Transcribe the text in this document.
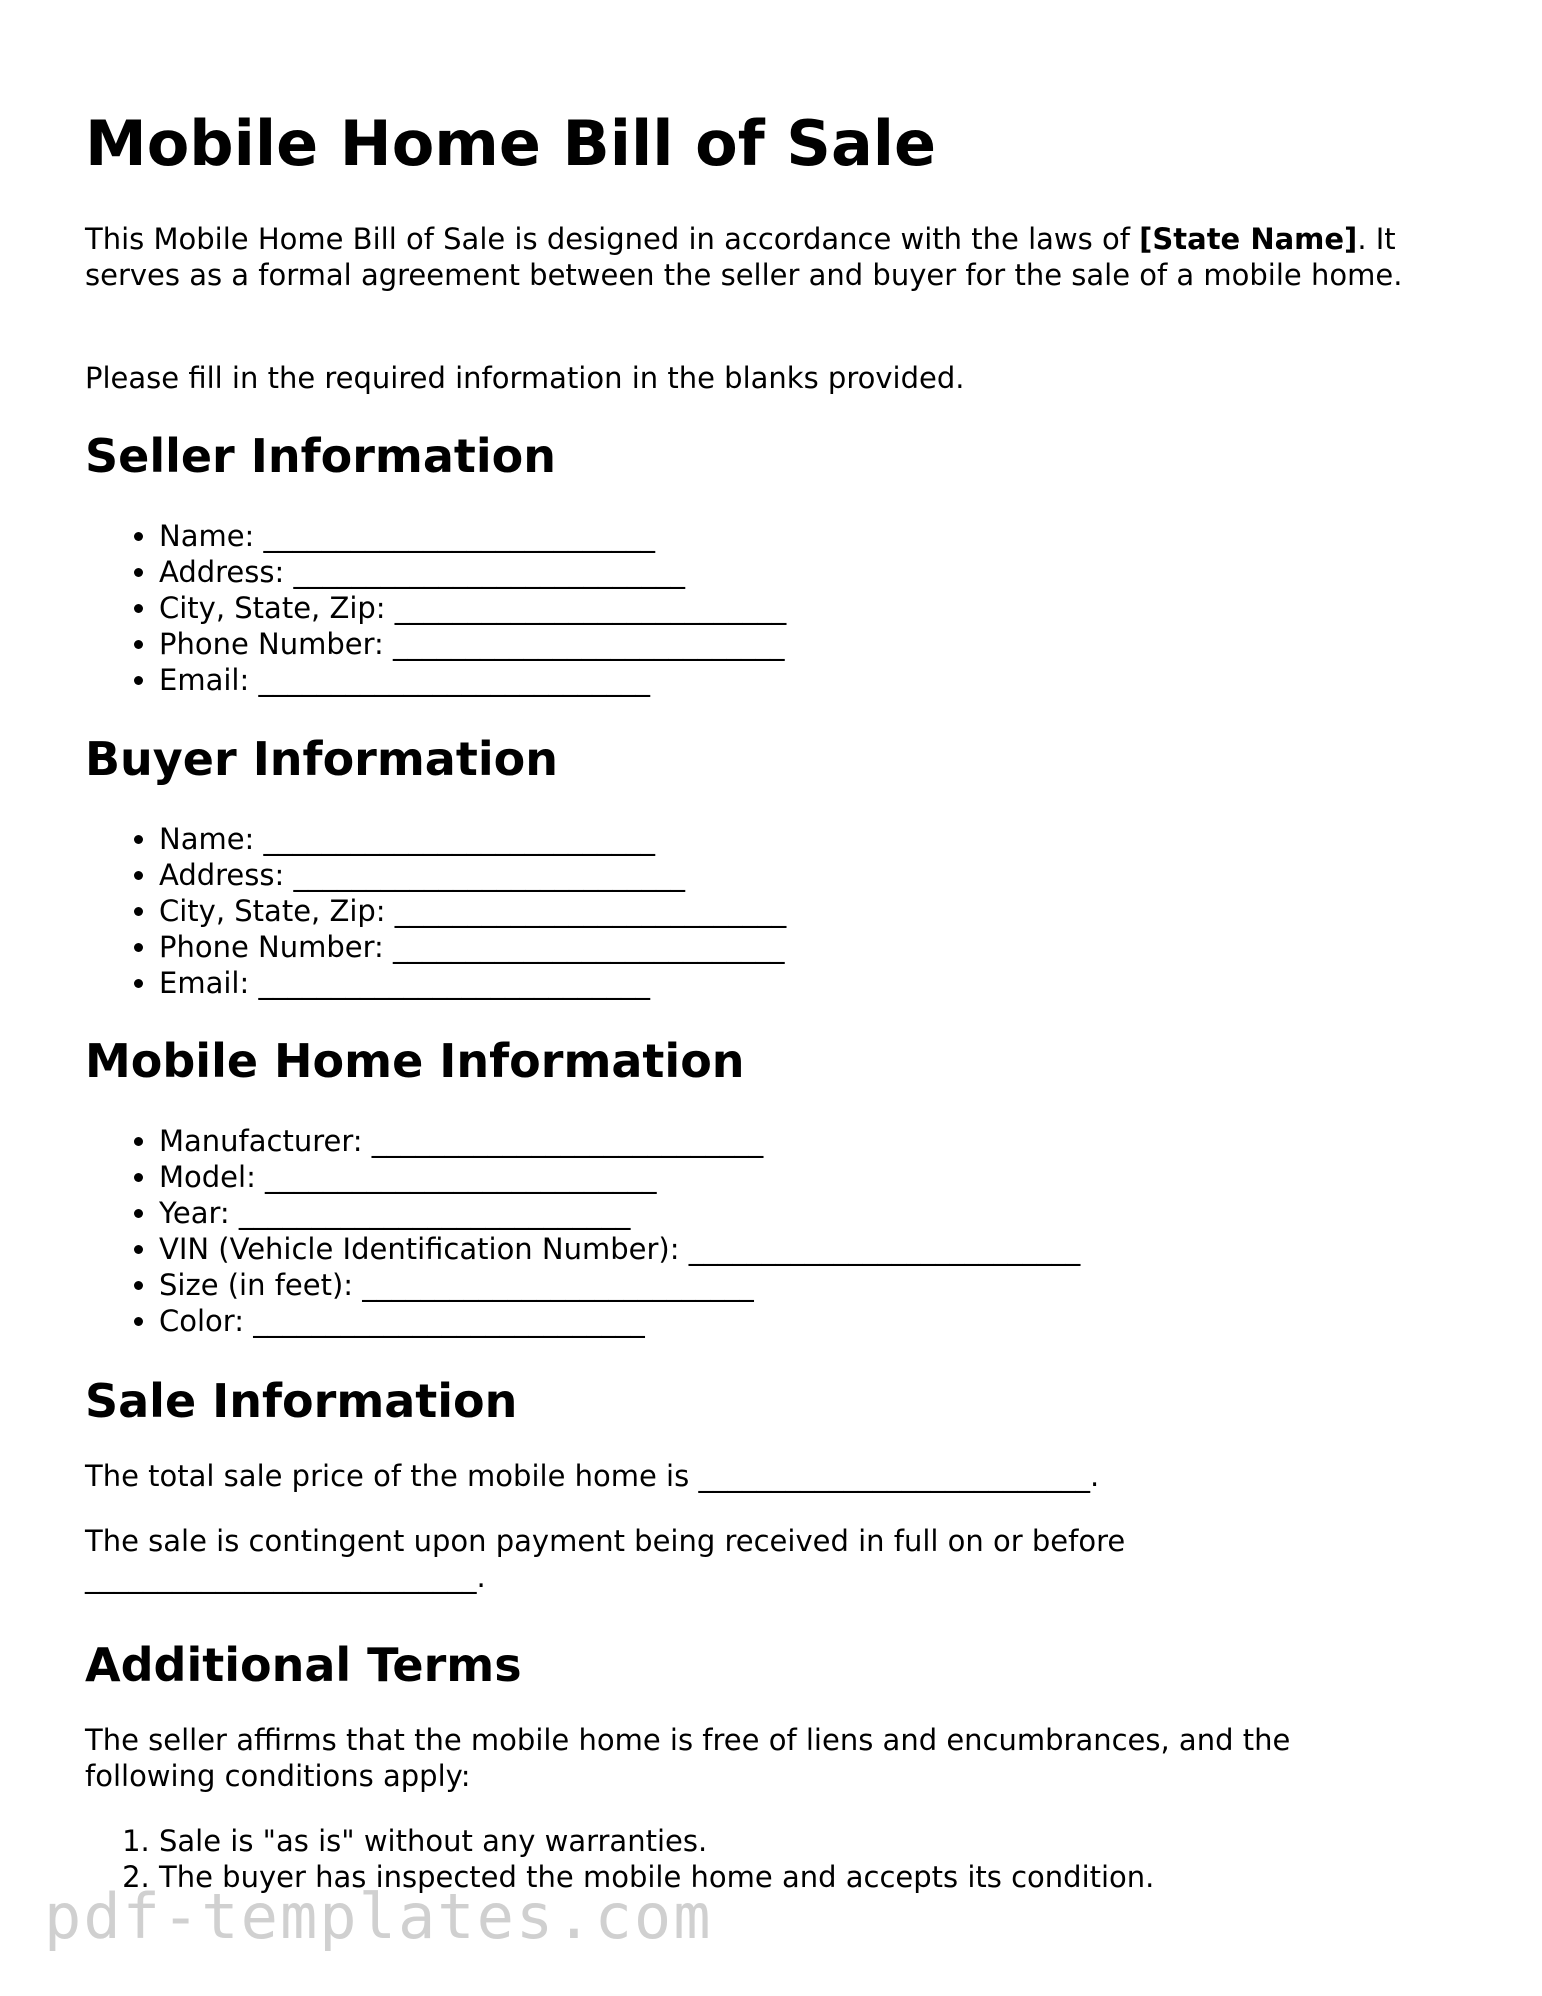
Mobile Home Bill of Sale

This Mobile Home Bill of Sale is designed in accordance with the laws of [State Name]. It serves as a formal agreement between the seller and buyer for the sale of a mobile home.

Please fill in the required information in the blanks provided.

Seller Information
• Name: ___________________________
• Address: ___________________________
• City, State, Zip: ___________________________
• Phone Number: ___________________________
• Email: ___________________________
Buyer Information
• Name: ___________________________
• Address: ___________________________
• City, State, Zip: ___________________________
• Phone Number: ___________________________
• Email: ___________________________
Mobile Home Information
• Manufacturer: ___________________________
• Model: ___________________________
• Year: ___________________________
• VIN (Vehicle Identification Number): ___________________________
• Size (in feet): ___________________________
• Color: ___________________________
Sale Information

The total sale price of the mobile home is ___________________________.

The sale is contingent upon payment being received in full on or before ___________________________.

Additional Terms

The seller affirms that the mobile home is free of liens and encumbrances, and the following conditions apply:

1. Sale is "as is" without any warranties.
2. The buyer has inspected the mobile home and accepts its condition.
pdf-templates.com
